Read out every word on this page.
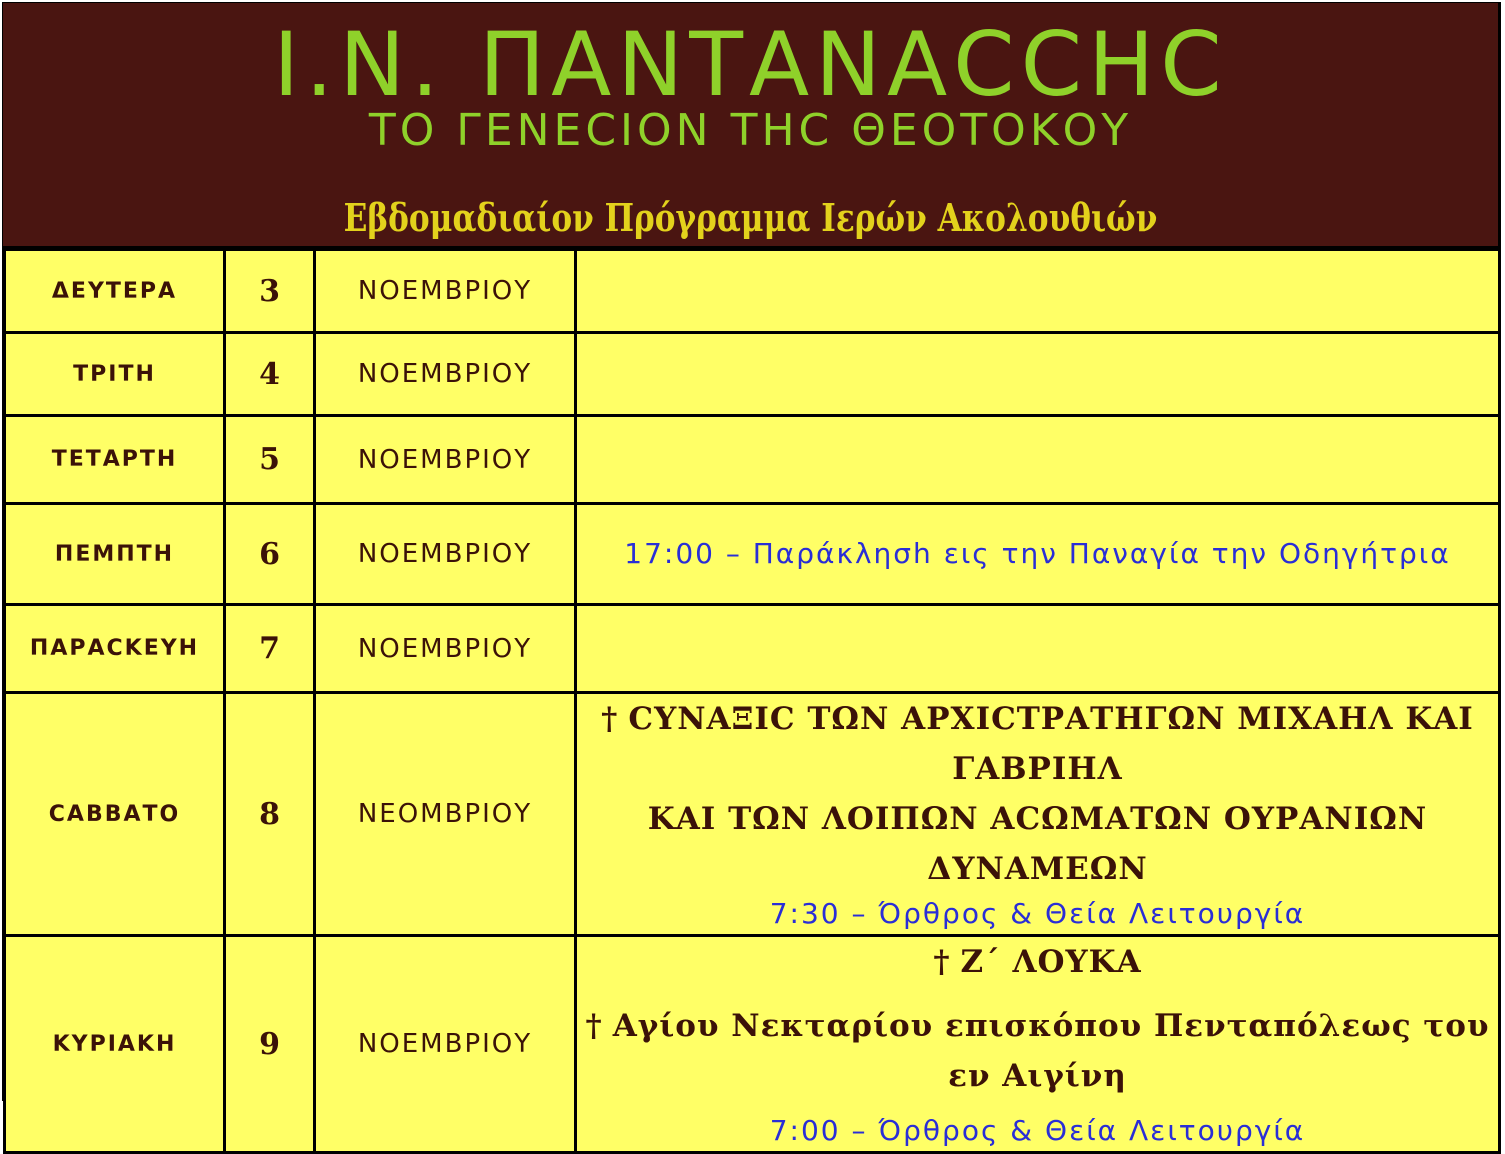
Ι.Ν. ΠΑΝΤΑΝΑCCΗC
ΤΟ ΓΕΝΕCΙΟΝ ΤΗC ΘΕΟΤΟΚΟΥ
Εβδομαδιαίον Πρόγραμμα Ιερών Ακολουθιών
ΔΕΥΤΕΡΑ	3	ΝΟΕΜΒΡΙΟΥ	
ΤΡΙΤΗ	4	ΝΟΕΜΒΡΙΟΥ	
ΤΕΤΑΡΤΗ	5	ΝΟΕΜΒΡΙΟΥ	
ΠΕΜΠΤΗ	6	ΝΟΕΜΒΡΙΟΥ	17:00 – Παράκλησh εις την Παναγία την Οδηγήτρια

ΠΑΡΑCΚΕΥΗ	7	ΝΟΕΜΒΡΙΟΥ	
CΑΒΒΑΤΟ	8	ΝΕΟΜΒΡΙΟΥ	† CΥΝΑΞΙC ΤΩΝ ΑΡΧΙCΤΡΑΤΗΓΩΝ ΜΙΧΑΗΛ ΚΑΙ ΓΑΒΡΙΗΛ
ΚΑΙ ΤΩΝ ΛΟΙΠΩΝ ΑCΩΜΑΤΩΝ ΟΥΡΑΝΙΩΝ ΔΥΝΑΜΕΩΝ
7:30 – Όρθρος & Θεία Λειτουργία

ΚΥΡΙΑΚΗ	9	ΝΟΕΜΒΡΙΟΥ	† Ζ΄ ΛΟΥΚΑ
† Αγίου Νεκταρίου επισκόπου Πενταπόλεως του εν Αιγίνη
7:00 – Όρθρος & Θεία Λειτουργία
